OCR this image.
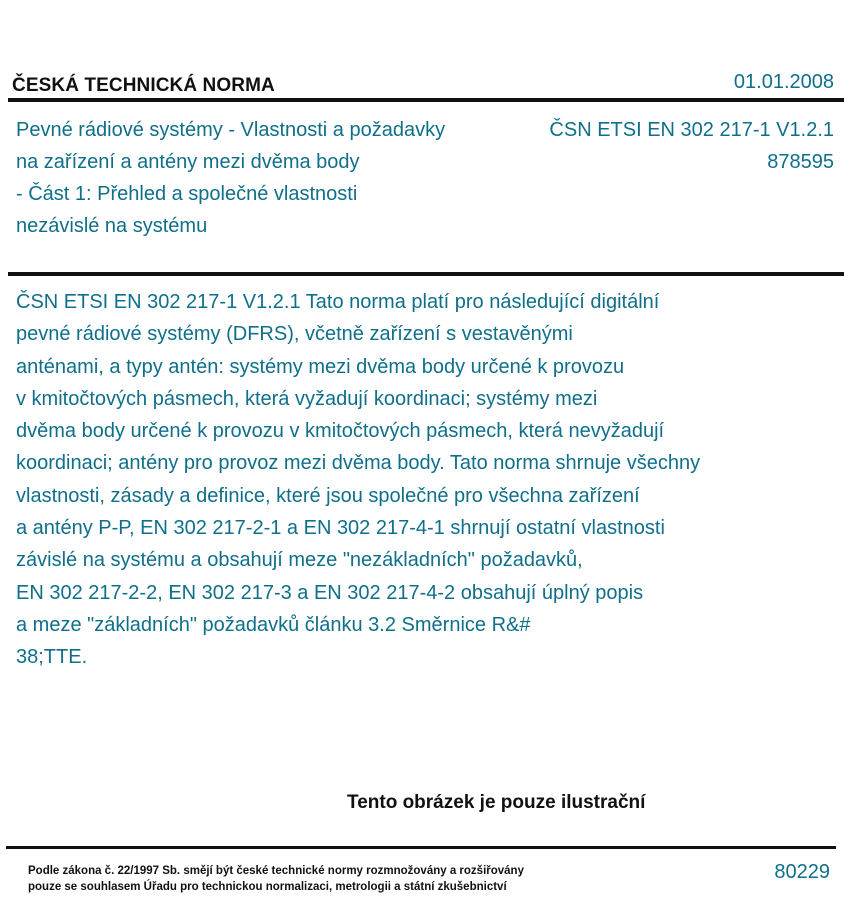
ČESKÁ TECHNICKÁ NORMA	01.01.2008
Pevné rádiové systémy - Vlastnosti a požadavky
na zařízení a antény mezi dvěma body
- Část 1: Přehled a společné vlastnosti
nezávislé na systému
ČSN ETSI EN 302 217-1 V1.2.1
878595
ČSN ETSI EN 302 217-1 V1.2.1 Tato norma platí pro následující digitální
pevné rádiové systémy (DFRS), včetně zařízení s vestavěnými
anténami, a typy antén: systémy mezi dvěma body určené k provozu
v kmitočtových pásmech, která vyžadují koordinaci; systémy mezi
dvěma body určené k provozu v kmitočtových pásmech, která nevyžadují
koordinaci; antény pro provoz mezi dvěma body. Tato norma shrnuje všechny
vlastnosti, zásady a definice, které jsou společné pro všechna zařízení
a antény P-P, EN 302 217-2-1 a EN 302 217-4-1 shrnují ostatní vlastnosti
závislé na systému a obsahují meze "nezákladních" požadavků,
EN 302 217-2-2, EN 302 217-3 a EN 302 217-4-2 obsahují úplný popis
a meze "základních" požadavků článku 3.2 Směrnice R&#
38;TTE.
Tento obrázek je pouze ilustrační
Podle zákona č. 22/1997 Sb. smějí být české technické normy rozmnožovány a rozšiřovány
pouze se souhlasem Úřadu pro technickou normalizaci, metrologii a státní zkušebnictví
80229
